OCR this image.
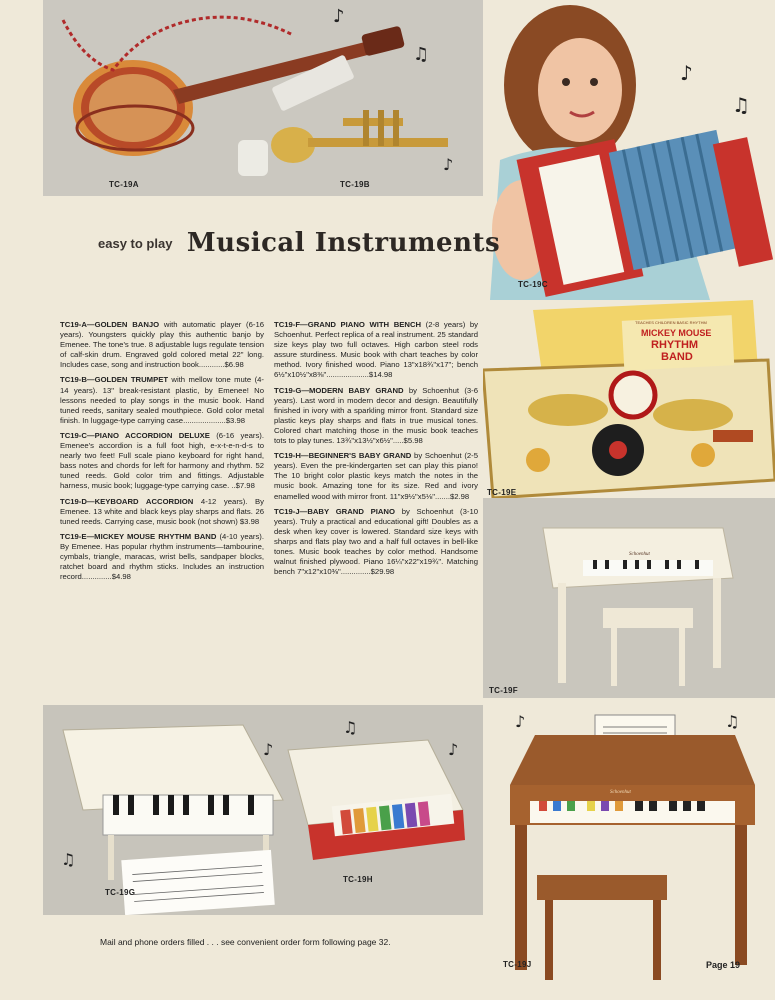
♪
♫
♪
TC-19A	TC-19B
♪
♫
TC-19C
easy to play Musical Instruments
TEACHES CHILDREN BASIC RHYTHM
MICKEY MOUSE
RHYTHM
BAND
TC-19E
Schoenhut
TC-19F
♪
♫
♪
♫
TC-19G
TC-19H
♪	♫
Schoenhut
TC-19J

TC19-A—GOLDEN BANJO with automatic player (6-16 years). Youngsters quickly play this authentic banjo by Emenee. The tone's true. 8 adjustable lugs regulate tension of calf-skin drum. Engraved gold colored metal 22" long. Includes case, song and instruction book............$6.98

TC19-B—GOLDEN TRUMPET with mellow tone mute (4-14 years). 13" break-resistant plastic, by Emenee! No lessons needed to play songs in the music book. Hand tuned reeds, sanitary sealed mouthpiece. Gold color metal finish. In luggage-type carrying case....................$3.98

TC19-C—PIANO ACCORDION DELUXE (6-16 years). Emenee's accordion is a full foot high, e-x-t-e-n-d-s to nearly two feet! Full scale piano keyboard for right hand, bass notes and chords for left for harmony and rhythm. 52 tuned reeds. Gold color trim and fittings. Adjustable harness, music book; luggage-type carrying case. ..$7.98

TC19-D—KEYBOARD ACCORDION 4-12 years). By Emenee. 13 white and black keys play sharps and flats. 26 tuned reeds. Carrying case, music book (not shown) $3.98

TC19-E—MICKEY MOUSE RHYTHM BAND (4-10 years). By Emenee. Has popular rhythm instruments—tambourine, cymbals, triangle, maracas, wrist bells, sandpaper blocks, ratchet board and rhythm sticks. Includes an instruction record..............$4.98

TC19-F—GRAND PIANO WITH BENCH (2-8 years) by Schoenhut. Perfect replica of a real instrument. 25 standard size keys play two full octaves. High carbon steel rods assure sturdiness. Music book with chart teaches by color method. Ivory finished wood. Piano 13"x18¾"x17"; bench 6½"x10½"x8⅜"....................$14.98

TC19-G—MODERN BABY GRAND by Schoenhut (3-6 years). Last word in modern decor and design. Beautifully finished in ivory with a sparkling mirror front. Standard size plastic keys play sharps and flats in true musical tones. Colored chart matching those in the music book teaches tots to play tunes. 13¾"x13½"x6½".....$5.98

TC19-H—BEGINNER'S BABY GRAND by Schoenhut (2-5 years). Even the pre-kindergarten set can play this piano! The 10 bright color plastic keys match the notes in the music book. Amazing tone for its size. Red and ivory enamelled wood with mirror front. 11"x9½"x5⅛".......$2.98

TC19-J—BABY GRAND PIANO by Schoenhut (3-10 years). Truly a practical and educational gift! Doubles as a desk when key cover is lowered. Standard size keys with sharps and flats play two and a half full octaves in bell-like tones. Music book teaches by color method. Handsome walnut finished plywood. Piano 16¼"x22"x19¾". Matching bench 7"x12"x10⅜"..............$29.98

Mail and phone orders filled . . . see convenient order form following page 32.
Page 19
